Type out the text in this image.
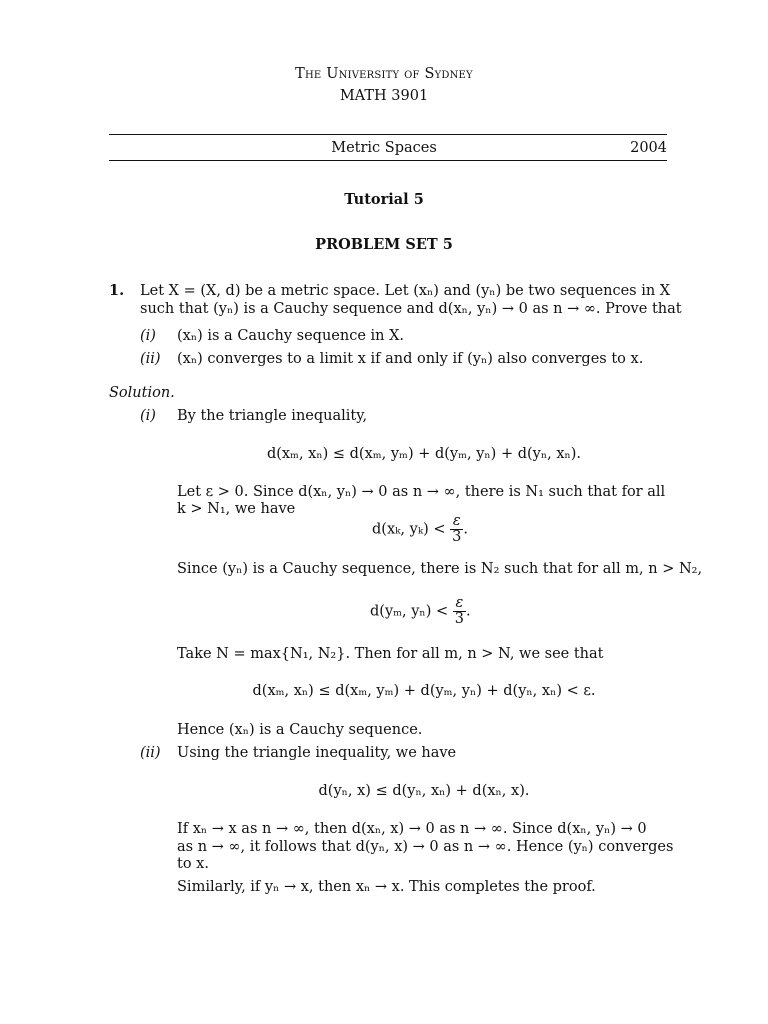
The University of Sydney
MATH 3901
Metric Spaces	2004
Tutorial 5
PROBLEM SET 5
1. Let X = (X, d) be a metric space. Let (xₙ) and (yₙ) be two sequences in X
such that (yₙ) is a Cauchy sequence and d(xₙ, yₙ) → 0 as n → ∞. Prove that
(i) (xₙ) is a Cauchy sequence in X.
(ii) (xₙ) converges to a limit x if and only if (yₙ) also converges to x.
Solution.
(i) By the triangle inequality,
d(xₘ, xₙ) ≤ d(xₘ, yₘ) + d(yₘ, yₙ) + d(yₙ, xₙ).
Let ε > 0. Since d(xₙ, yₙ) → 0 as n → ∞, there is N₁ such that for all
k > N₁, we have
d(xₖ, $y_k) < \frac{\varepsilon}{3}$ .
Since (yₙ) is a Cauchy sequence, there is N₂ such that for all m, n > N₂,
d(yₘ, $y_n) < \frac{\varepsilon}{3}$ .
Take N = max{N₁, N₂}. Then for all m, n > N, we see that
d(xₘ, xₙ) ≤ d(xₘ, yₘ) + d(yₘ, yₙ) + d(yₙ, xₙ) < ε.
Hence (xₙ) is a Cauchy sequence.
(ii) Using the triangle inequality, we have
d(yₙ, x) ≤ d(yₙ, xₙ) + d(xₙ, x).
If xₙ → x as n → ∞, then d(xₙ, x) → 0 as n → ∞. Since d(xₙ, yₙ) → 0
as n → ∞, it follows that d(yₙ, x) → 0 as n → ∞. Hence (yₙ) converges
to x.
Similarly, if yₙ → x, then xₙ → x. This completes the proof.
